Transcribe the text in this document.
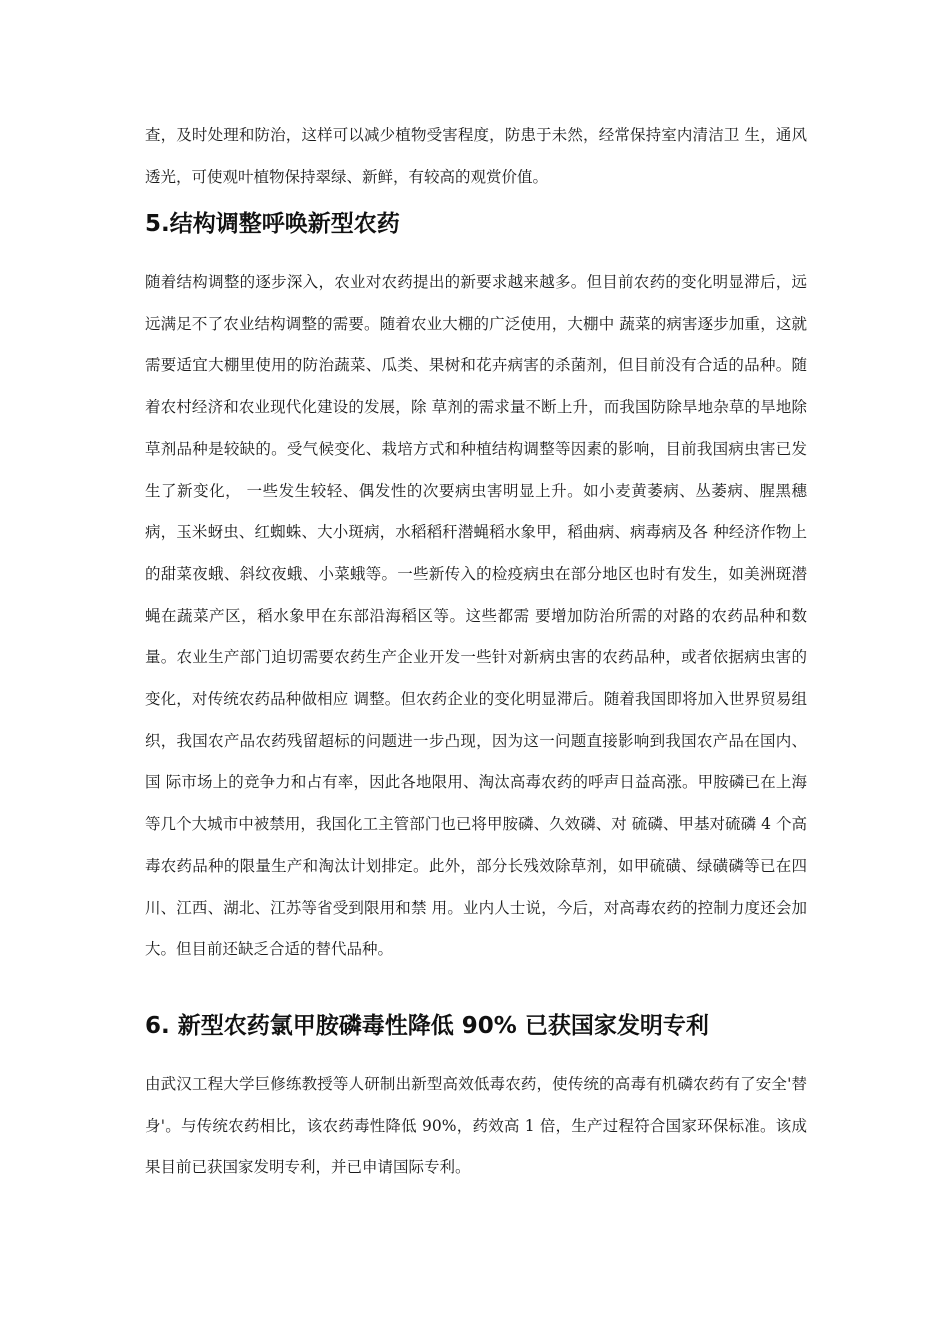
查，及时处理和防治，这样可以减少植物受害程度，防患于未然，经常保持室内清洁卫 生，通风透光，可使观叶植物保持翠绿、新鲜，有较高的观赏价值。

5.结构调整呼唤新型农药

随着结构调整的逐步深入，农业对农药提出的新要求越来越多。但目前农药的变化明显滞后，远远满足不了农业结构调整的需要。随着农业大棚的广泛使用，大棚中 蔬菜的病害逐步加重，这就需要适宜大棚里使用的防治蔬菜、瓜类、果树和花卉病害的杀菌剂，但目前没有合适的品种。随着农村经济和农业现代化建设的发展，除 草剂的需求量不断上升，而我国防除旱地杂草的旱地除草剂品种是较缺的。受气候变化、栽培方式和种植结构调整等因素的影响，目前我国病虫害已发生了新变化， 一些发生较轻、偶发性的次要病虫害明显上升。如小麦黄萎病、丛萎病、腥黑穗病，玉米蚜虫、红蜘蛛、大小斑病，水稻稻秆潜蝇稻水象甲，稻曲病、病毒病及各 种经济作物上的甜菜夜蛾、斜纹夜蛾、小菜蛾等。一些新传入的检疫病虫在部分地区也时有发生，如美洲斑潜蝇在蔬菜产区，稻水象甲在东部沿海稻区等。这些都需 要增加防治所需的对路的农药品种和数量。农业生产部门迫切需要农药生产企业开发一些针对新病虫害的农药品种，或者依据病虫害的变化，对传统农药品种做相应 调整。但农药企业的变化明显滞后。随着我国即将加入世界贸易组织，我国农产品农药残留超标的问题进一步凸现，因为这一问题直接影响到我国农产品在国内、国 际市场上的竞争力和占有率，因此各地限用、淘汰高毒农药的呼声日益高涨。甲胺磷已在上海等几个大城市中被禁用，我国化工主管部门也已将甲胺磷、久效磷、对 硫磷、甲基对硫磷 4 个高毒农药品种的限量生产和淘汰计划排定。此外，部分长残效除草剂，如甲硫磺、绿磺磷等已在四川、江西、湖北、江苏等省受到限用和禁 用。业内人士说，今后，对高毒农药的控制力度还会加大。但目前还缺乏合适的替代品种。

6. 新型农药氯甲胺磷毒性降低 90% 已获国家发明专利

由武汉工程大学巨修练教授等人研制出新型高效低毒农药，使传统的高毒有机磷农药有了安全'替身'。与传统农药相比，该农药毒性降低 90%，药效高 1 倍，生产过程符合国家环保标准。该成果目前已获国家发明专利，并已申请国际专利。
